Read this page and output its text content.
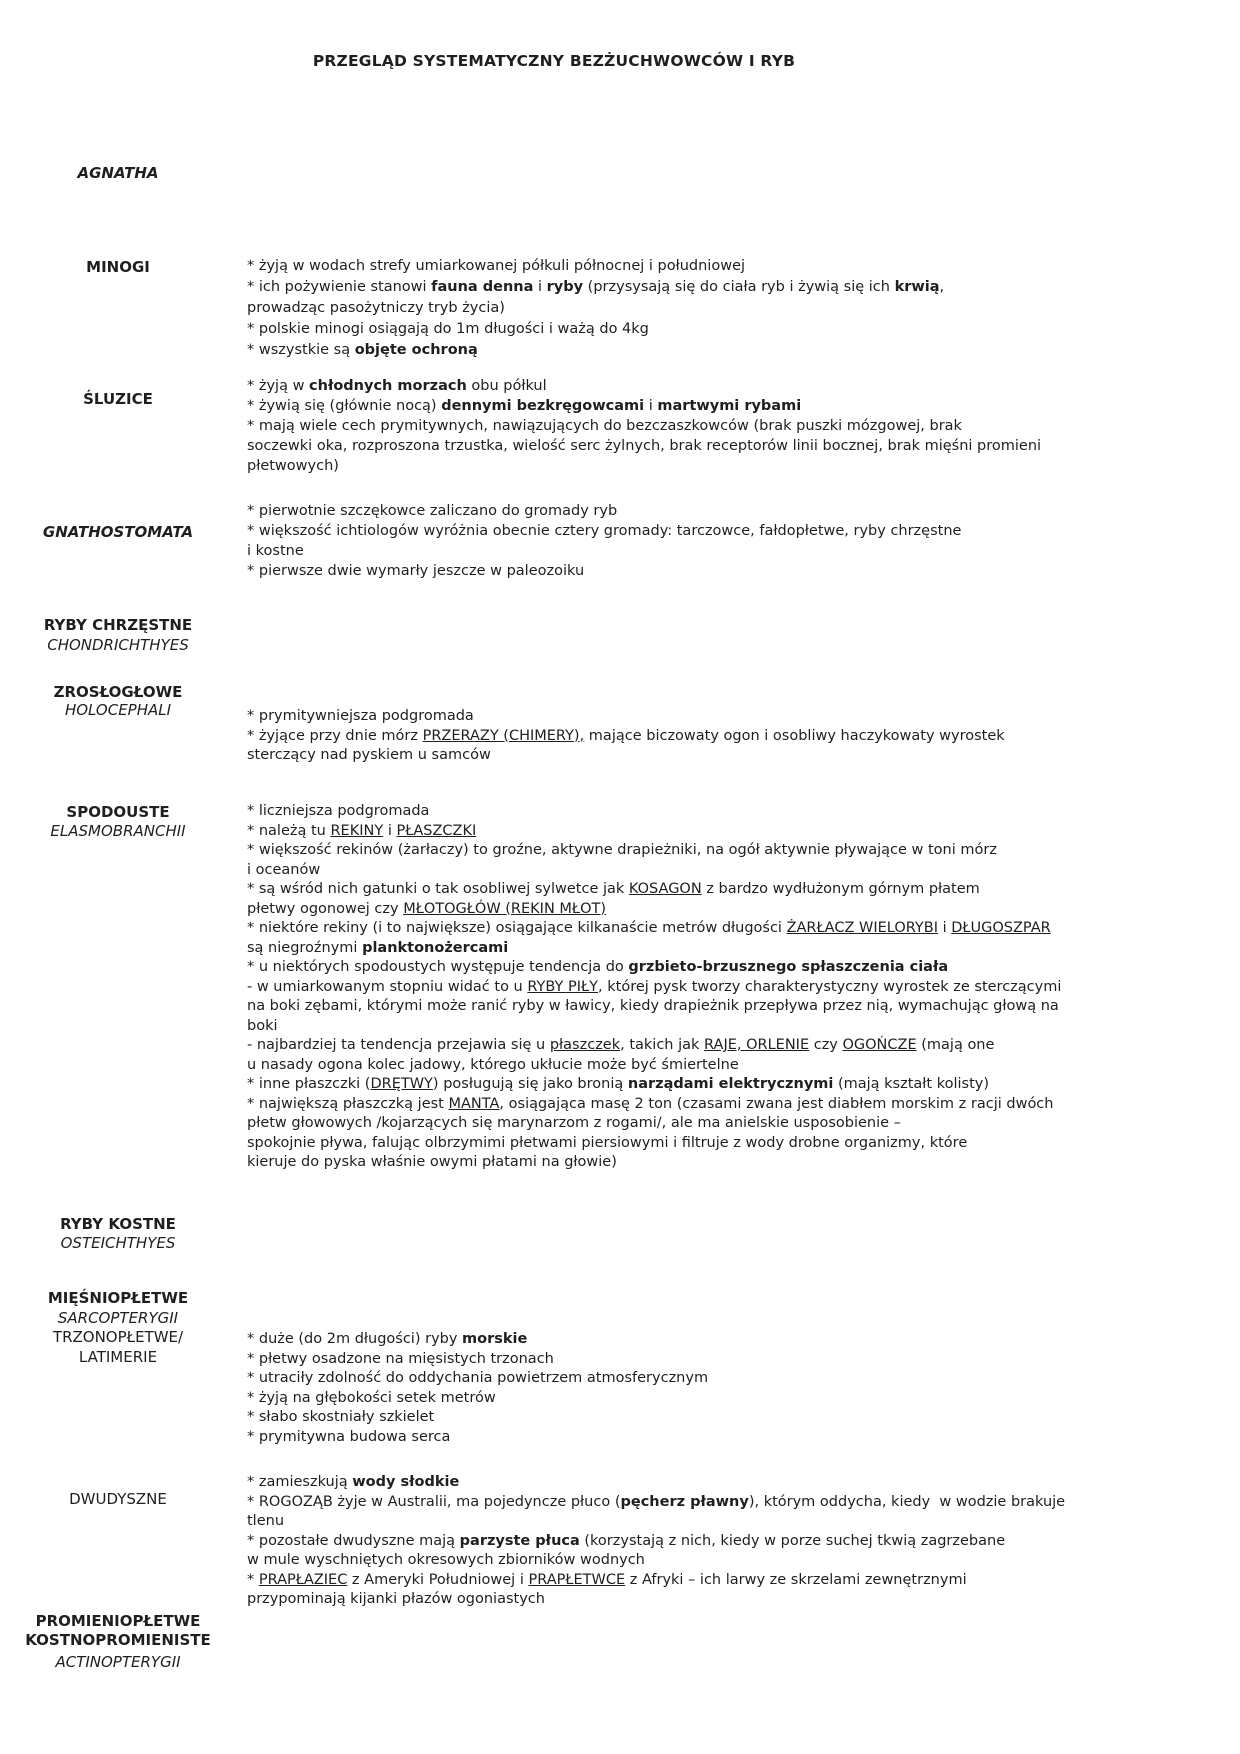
PRZEGLĄD SYSTEMATYCZNY BEZŻUCHWOWCÓW I RYB
AGNATHA
MINOGI
ŚLUZICE
GNATHOSTOMATA
RYBY CHRZĘSTNE
CHONDRICHTHYES
ZROSŁOGŁOWE
HOLOCEPHALI
SPODOUSTE
ELASMOBRANCHII
RYBY KOSTNE
OSTEICHTHYES
MIĘŚNIOPŁETWE
SARCOPTERYGII
TRZONOPŁETWE/
LATIMERIE
DWUDYSZNE
PROMIENIOPŁETWE
KOSTNOPROMIENISTE
ACTINOPTERYGII
* żyją w wodach strefy umiarkowanej półkuli północnej i południowej
* ich pożywienie stanowi fauna denna i ryby (przysysają się do ciała ryb i żywią się ich krwią,
prowadząc pasożytniczy tryb życia)
* polskie minogi osiągają do 1m długości i ważą do 4kg
* wszystkie są objęte ochroną
* żyją w chłodnych morzach obu półkul
* żywią się (głównie nocą) dennymi bezkręgowcami i martwymi rybami
* mają wiele cech prymitywnych, nawiązujących do bezczaszkowców (brak puszki mózgowej, brak
soczewki oka, rozproszona trzustka, wielość serc żylnych, brak receptorów linii bocznej, brak mięśni promieni
płetwowych)
* pierwotnie szczękowce zaliczano do gromady ryb
* większość ichtiologów wyróżnia obecnie cztery gromady: tarczowce, fałdopłetwe, ryby chrzęstne
i kostne
* pierwsze dwie wymarły jeszcze w paleozoiku
* prymitywniejsza podgromada
* żyjące przy dnie mórz PRZERAZY (CHIMERY), mające biczowaty ogon i osobliwy haczykowaty wyrostek
sterczący nad pyskiem u samców
* liczniejsza podgromada
* należą tu REKINY i PŁASZCZKI
* większość rekinów (żarłaczy) to groźne, aktywne drapieżniki, na ogół aktywnie pływające w toni mórz
i oceanów
* są wśród nich gatunki o tak osobliwej sylwetce jak KOSAGON z bardzo wydłużonym górnym płatem
płetwy ogonowej czy MŁOTOGŁÓW (REKIN MŁOT)
* niektóre rekiny (i to największe) osiągające kilkanaście metrów długości ŻARŁACZ WIELORYBI i DŁUGOSZPAR
są niegroźnymi planktonożercami
* u niektórych spodoustych występuje tendencja do grzbieto-brzusznego spłaszczenia ciała
- w umiarkowanym stopniu widać to u RYBY PIŁY, której pysk tworzy charakterystyczny wyrostek ze sterczącymi
na boki zębami, którymi może ranić ryby w ławicy, kiedy drapieżnik przepływa przez nią, wymachując głową na
boki
- najbardziej ta tendencja przejawia się u płaszczek, takich jak RAJE, ORLENIE czy OGOŃCZE (mają one
u nasady ogona kolec jadowy, którego ukłucie może być śmiertelne
* inne płaszczki (DRĘTWY) posługują się jako bronią narządami elektrycznymi (mają kształt kolisty)
* największą płaszczką jest MANTA, osiągająca masę 2 ton (czasami zwana jest diabłem morskim z racji dwóch
płetw głowowych /kojarzących się marynarzom z rogami/, ale ma anielskie usposobienie –
spokojnie pływa, falując olbrzymimi płetwami piersiowymi i filtruje z wody drobne organizmy, które
kieruje do pyska właśnie owymi płatami na głowie)
* duże (do 2m długości) ryby morskie
* płetwy osadzone na mięsistych trzonach
* utraciły zdolność do oddychania powietrzem atmosferycznym
* żyją na głębokości setek metrów
* słabo skostniały szkielet
* prymitywna budowa serca
* zamieszkują wody słodkie
* ROGOZĄB żyje w Australii, ma pojedyncze płuco (pęcherz pławny), którym oddycha, kiedy  w wodzie brakuje
tlenu
* pozostałe dwudyszne mają parzyste płuca (korzystają z nich, kiedy w porze suchej tkwią zagrzebane
w mule wyschniętych okresowych zbiorników wodnych
* PRAPŁAZIEC z Ameryki Południowej i PRAPŁETWCE z Afryki – ich larwy ze skrzelami zewnętrznymi
przypominają kijanki płazów ogoniastych
